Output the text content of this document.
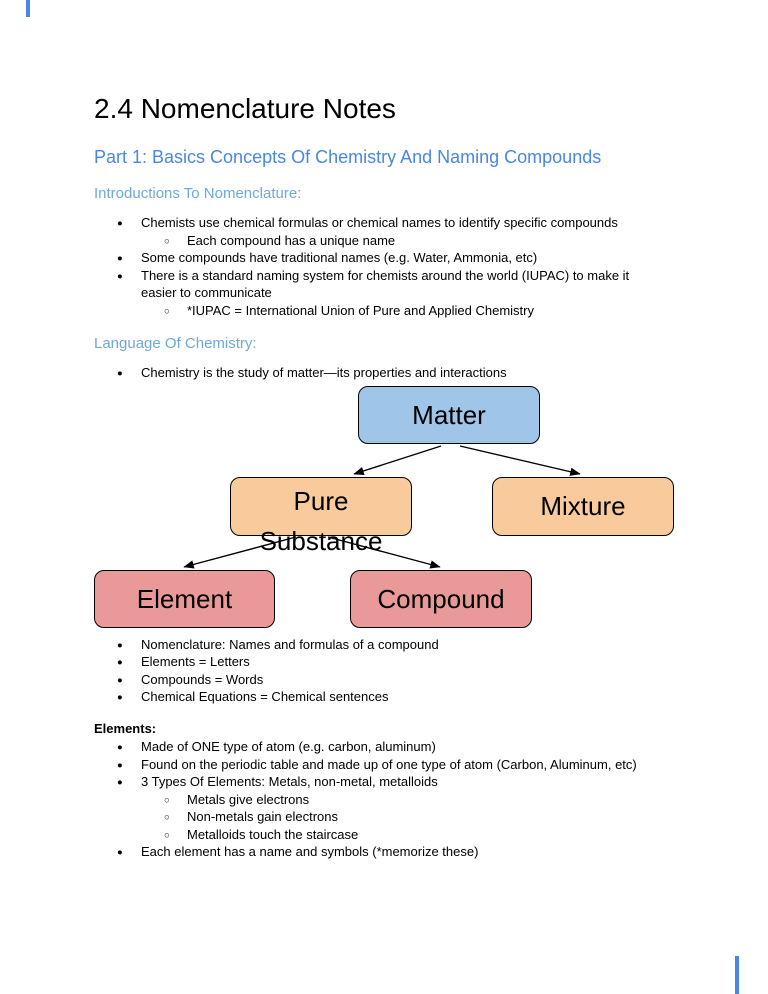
2.4 Nomenclature Notes
Part 1: Basics Concepts Of Chemistry And Naming Compounds
Introductions To Nomenclature:
● Chemists use chemical formulas or chemical names to identify specific compounds
○ Each compound has a unique name
● Some compounds have traditional names (e.g. Water, Ammonia, etc)
● There is a standard naming system for chemists around the world (IUPAC) to make it easier to communicate
○ *IUPAC = International Union of Pure and Applied Chemistry
Language Of Chemistry:
● Chemistry is the study of matter—its properties and interactions
Matter
Pure
Substance
Mixture
Element	Compound
● Nomenclature: Names and formulas of a compound
● Elements = Letters
● Compounds = Words
● Chemical Equations = Chemical sentences

Elements:

● Made of ONE type of atom (e.g. carbon, aluminum)
● Found on the periodic table and made up of one type of atom (Carbon, Aluminum, etc)
● 3 Types Of Elements: Metals, non-metal, metalloids
○ Metals give electrons
○ Non-metals gain electrons
○ Metalloids touch the staircase
● Each element has a name and symbols (*memorize these)
